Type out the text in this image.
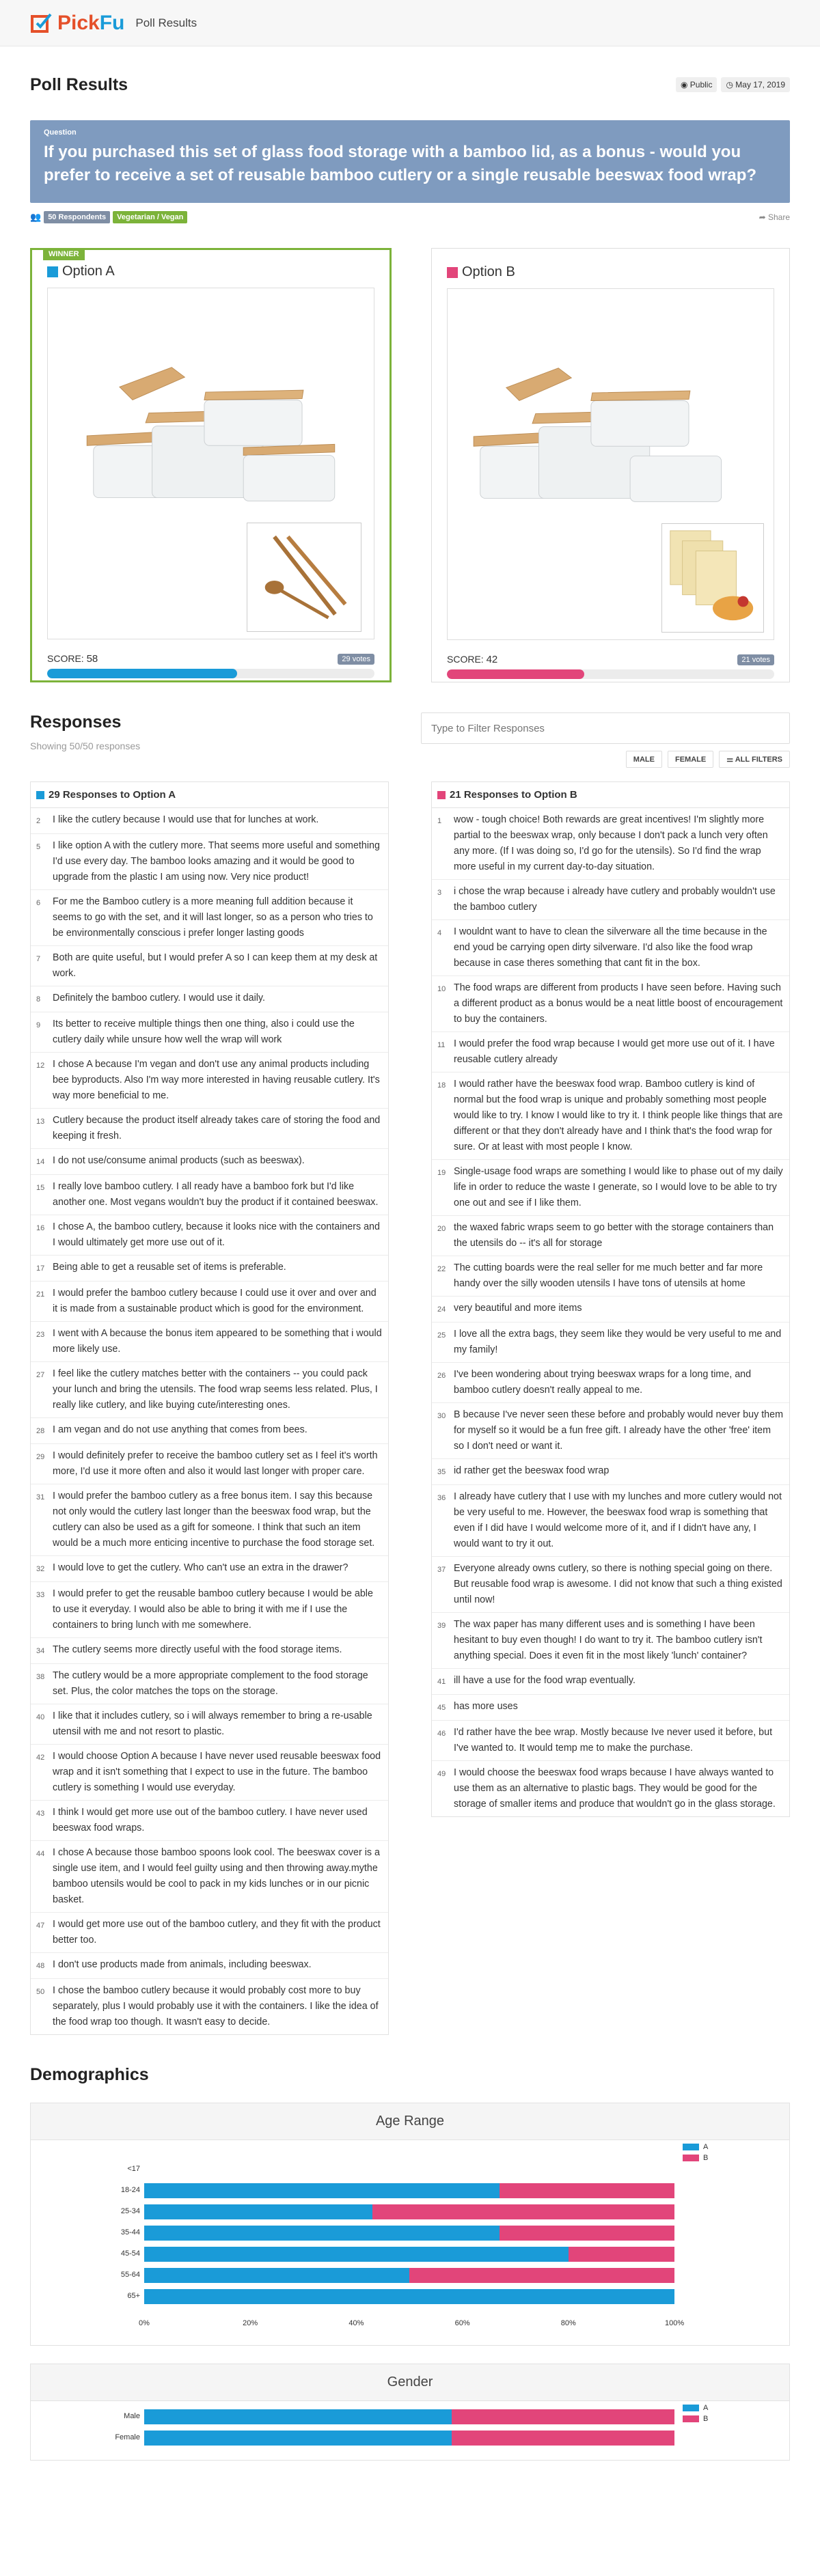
PickFu Poll Results
Poll Results	◉ Public	◷ May 17, 2019
Question
If you purchased this set of glass food storage with a bamboo lid, as a bonus - would you prefer to receive a set of reusable bamboo cutlery or a single reusable beeswax food wrap?
👥 50 Respondents	Vegetarian / Vegan	➦ Share
WINNER
Option A
SCORE: 58	29 votes
Option B
SCORE: 42	21 votes
Responses
Showing 50/50 responses
Type to Filter Responses
MALE	FEMALE	⚌ ALL FILTERS
29 Responses to Option A
2	I like the cutlery because I would use that for lunches at work.
5	I like option A with the cutlery more. That seems more useful and something I'd use every day. The bamboo looks amazing and it would be good to upgrade from the plastic I am using now. Very nice product!
6	For me the Bamboo cutlery is a more meaning full addition because it seems to go with the set, and it will last longer, so as a person who tries to be environmentally conscious i prefer longer lasting goods
7	Both are quite useful, but I would prefer A so I can keep them at my desk at work.
8	Definitely the bamboo cutlery. I would use it daily.
9	Its better to receive multiple things then one thing, also i could use the cutlery daily while unsure how well the wrap will work
12 I chose A because I'm vegan and don't use any animal products including bee byproducts. Also I'm way more interested in having reusable cutlery. It's way more beneficial to me.
13 Cutlery because the product itself already takes care of storing the food and keeping it fresh.
14 I do not use/consume animal products (such as beeswax).
15 I really love bamboo cutlery. I all ready have a bamboo fork but I'd like another one. Most vegans wouldn't buy the product if it contained beeswax.
16 I chose A, the bamboo cutlery, because it looks nice with the containers and I would ultimately get more use out of it.
17 Being able to get a reusable set of items is preferable.
21 I would prefer the bamboo cutlery because I could use it over and over and it is made from a sustainable product which is good for the environment.
23 I went with A because the bonus item appeared to be something that i would more likely use.
27 I feel like the cutlery matches better with the containers -- you could pack your lunch and bring the utensils. The food wrap seems less related. Plus, I really like cutlery, and like buying cute/interesting ones.
28 I am vegan and do not use anything that comes from bees.
29 I would definitely prefer to receive the bamboo cutlery set as I feel it's worth more, I'd use it more often and also it would last longer with proper care.
31 I would prefer the bamboo cutlery as a free bonus item. I say this because not only would the cutlery last longer than the beeswax food wrap, but the cutlery can also be used as a gift for someone. I think that such an item would be a much more enticing incentive to purchase the food storage set.
32 I would love to get the cutlery. Who can't use an extra in the drawer?
33 I would prefer to get the reusable bamboo cutlery because I would be able to use it everyday. I would also be able to bring it with me if I use the containers to bring lunch with me somewhere.
34 The cutlery seems more directly useful with the food storage items.
38 The cutlery would be a more appropriate complement to the food storage set. Plus, the color matches the tops on the storage.
40 I like that it includes cutlery, so i will always remember to bring a re-usable utensil with me and not resort to plastic.
42 I would choose Option A because I have never used reusable beeswax food wrap and it isn't something that I expect to use in the future. The bamboo cutlery is something I would use everyday.
43 I think I would get more use out of the bamboo cutlery. I have never used beeswax food wraps.
44 I chose A because those bamboo spoons look cool. The beeswax cover is a single use item, and I would feel guilty using and then throwing away.mythe bamboo utensils would be cool to pack in my kids lunches or in our picnic basket.
47 I would get more use out of the bamboo cutlery, and they fit with the product better too.
48 I don't use products made from animals, including beeswax.
50 I chose the bamboo cutlery because it would probably cost more to buy separately, plus I would probably use it with the containers. I like the idea of the food wrap too though. It wasn't easy to decide.
21 Responses to Option B
1	wow - tough choice! Both rewards are great incentives! I'm slightly more partial to the beeswax wrap, only because I don't pack a lunch very often any more. (If I was doing so, I'd go for the utensils). So I'd find the wrap more useful in my current day-to-day situation.
3	i chose the wrap because i already have cutlery and probably wouldn't use the bamboo cutlery
4	I wouldnt want to have to clean the silverware all the time because in the end youd be carrying open dirty silverware. I'd also like the food wrap because in case theres something that cant fit in the box.
10 The food wraps are different from products I have seen before. Having such a different product as a bonus would be a neat little boost of encouragement to buy the containers.
11 I would prefer the food wrap because I would get more use out of it. I have reusable cutlery already
18 I would rather have the beeswax food wrap. Bamboo cutlery is kind of normal but the food wrap is unique and probably something most people would like to try. I know I would like to try it. I think people like things that are different or that they don't already have and I think that's the food wrap for sure. Or at least with most people I know.
19 Single-usage food wraps are something I would like to phase out of my daily life in order to reduce the waste I generate, so I would love to be able to try one out and see if I like them.
20 the waxed fabric wraps seem to go better with the storage containers than the utensils do -- it's all for storage
22 The cutting boards were the real seller for me much better and far more handy over the silly wooden utensils I have tons of utensils at home
24 very beautiful and more items
25 I love all the extra bags, they seem like they would be very useful to me and my family!
26 I've been wondering about trying beeswax wraps for a long time, and bamboo cutlery doesn't really appeal to me.
30 B because I've never seen these before and probably would never buy them for myself so it would be a fun free gift. I already have the other 'free' item so I don't need or want it.
35 id rather get the beeswax food wrap
36 I already have cutlery that I use with my lunches and more cutlery would not be very useful to me. However, the beeswax food wrap is something that even if I did have I would welcome more of it, and if I didn't have any, I would want to try it out.
37 Everyone already owns cutlery, so there is nothing special going on there. But reusable food wrap is awesome. I did not know that such a thing existed until now!
39 The wax paper has many different uses and is something I have been hesitant to buy even though! I do want to try it. The bamboo cutlery isn't anything special. Does it even fit in the most likely 'lunch' container?
41 ill have a use for the food wrap eventually.
45 has more uses
46 I'd rather have the bee wrap. Mostly because Ive never used it before, but I've wanted to. It would temp me to make the purchase.
49 I would choose the beeswax food wraps because I have always wanted to use them as an alternative to plastic bags. They would be good for the storage of smaller items and produce that wouldn't go in the glass storage.
Demographics
Age Range
<17
18-24
25-34
35-44
45-54
55-64
65+
0%	20%	40%	60%	80%	100%
A
B
Gender
Male
Female
A
B
